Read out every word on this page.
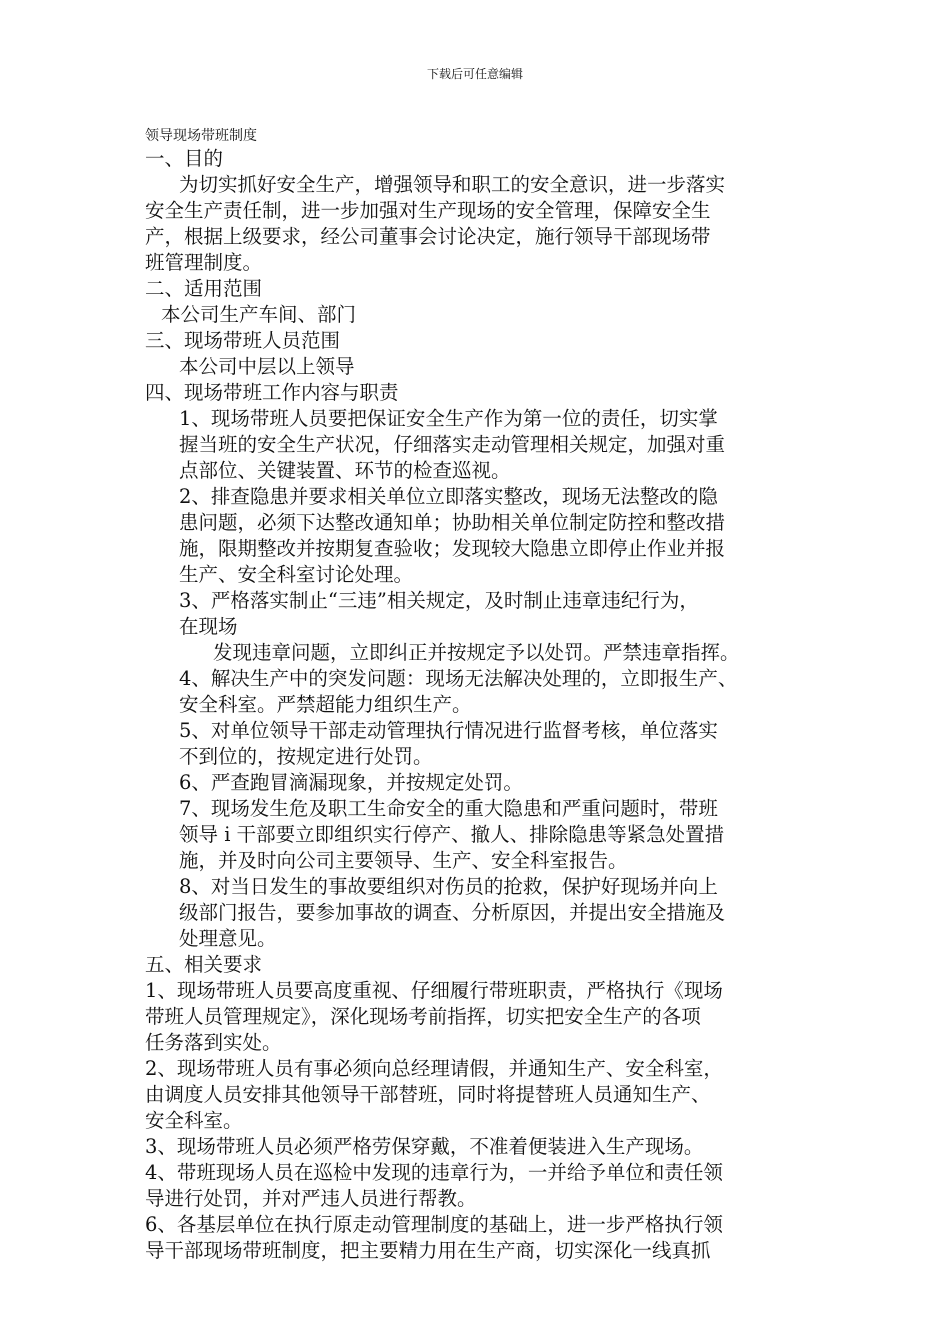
下载后可任意编辑
领导现场带班制度

一、目的

为切实抓好安全生产，增强领导和职工的安全意识，进一步落实

安全生产责任制，进一步加强对生产现场的安全管理，保障安全生

产，根据上级要求，经公司董事会讨论决定，施行领导干部现场带

班管理制度。

二、适用范围

本公司生产车间、部门

三、现场带班人员范围

本公司中层以上领导

四、现场带班工作内容与职责

1、现场带班人员要把保证安全生产作为第一位的责任，切实掌

握当班的安全生产状况，仔细落实走动管理相关规定，加强对重

点部位、关键装置、环节的检查巡视。

2、排查隐患并要求相关单位立即落实整改，现场无法整改的隐

患问题，必须下达整改通知单；协助相关单位制定防控和整改措

施，限期整改并按期复查验收；发现较大隐患立即停止作业并报

生产、安全科室讨论处理。

3、严格落实制止“三违”相关规定，及时制止违章违纪行为，

在现场

发现违章问题，立即纠正并按规定予以处罚。严禁违章指挥。

4、解决生产中的突发问题：现场无法解决处理的，立即报生产、

安全科室。严禁超能力组织生产。

5、对单位领导干部走动管理执行情况进行监督考核，单位落实

不到位的，按规定进行处罚。

6、严查跑冒滴漏现象，并按规定处罚。

7、现场发生危及职工生命安全的重大隐患和严重问题时，带班

领导 i 干部要立即组织实行停产、撤人、排除隐患等紧急处置措

施，并及时向公司主要领导、生产、安全科室报告。

8、对当日发生的事故要组织对伤员的抢救，保护好现场并向上

级部门报告，要参加事故的调查、分析原因，并提出安全措施及

处理意见。

五、相关要求

1、现场带班人员要高度重视、仔细履行带班职责，严格执行《现场

带班人员管理规定》，深化现场考前指挥，切实把安全生产的各项

任务落到实处。

2、现场带班人员有事必须向总经理请假，并通知生产、安全科室，

由调度人员安排其他领导干部替班，同时将提替班人员通知生产、

安全科室。

3、现场带班人员必须严格劳保穿戴，不准着便装进入生产现场。

4、带班现场人员在巡检中发现的违章行为，一并给予单位和责任领

导进行处罚，并对严违人员进行帮教。

6、各基层单位在执行原走动管理制度的基础上，进一步严格执行领

导干部现场带班制度，把主要精力用在生产商，切实深化一线真抓
